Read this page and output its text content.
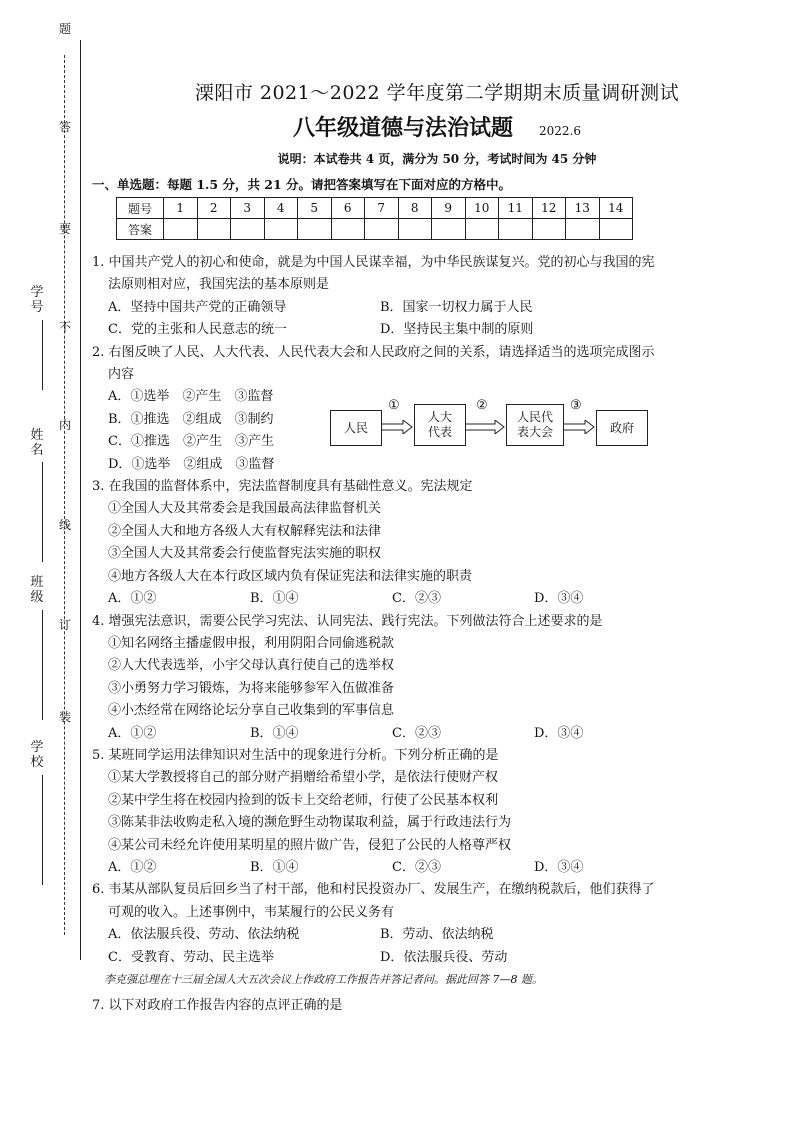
题
答
要
不
内
线
订
装
学号
姓名
班级
学校
溧阳市 2021～2022 学年度第二学期期末质量调研测试
八年级道德与法治试题 2022.6
说明：本试卷共 4 页，满分为 50 分，考试时间为 45 分钟
一、单选题：每题 1.5 分，共 21 分。请把答案填写在下面对应的方格中。
题号	1	2	3	4	5	6	7	8	9	10	11	12	13	14
答案														

1. 中国共产党人的初心和使命，就是为中国人民谋幸福，为中华民族谋复兴。党的初心与我国的宪

法原则相对应，我国宪法的基本原则是

A．坚持中国共产党的正确领导	B．国家一切权力属于人民
C．党的主张和人民意志的统一	D．坚持民主集中制的原则

2. 右图反映了人民、人大代表、人民代表大会和人民政府之间的关系，请选择适当的选项完成图示

内容

A．①选举　②产生　③监督

B．①推选　②组成　③制约

C．①推选　②产生　③产生

D．①选举　②组成　③监督

3. 在我国的监督体系中，宪法监督制度具有基础性意义。宪法规定

①全国人大及其常委会是我国最高法律监督机关

②全国人大和地方各级人大有权解释宪法和法律

③全国人大及其常委会行使监督宪法实施的职权

④地方各级人大在本行政区域内负有保证宪法和法律实施的职责

A．①②	B．①④	C．②③	D．③④

4. 增强宪法意识，需要公民学习宪法、认同宪法、践行宪法。下列做法符合上述要求的是

①知名网络主播虚假申报，利用阴阳合同偷逃税款

②人大代表选举，小宇父母认真行使自己的选举权

③小勇努力学习锻炼，为将来能够参军入伍做准备

④小杰经常在网络论坛分享自己收集到的军事信息

A．①②	B．①④	C．②③	D．③④

5. 某班同学运用法律知识对生活中的现象进行分析。下列分析正确的是

①某大学教授将自己的部分财产捐赠给希望小学，是依法行使财产权

②某中学生将在校园内捡到的饭卡上交给老师，行使了公民基本权利

③陈某非法收购走私入境的濒危野生动物谋取利益，属于行政违法行为

④某公司未经允许使用某明星的照片做广告，侵犯了公民的人格尊严权

A．①②	B．①④	C．②③	D．③④

6. 韦某从部队复员后回乡当了村干部，他和村民投资办厂、发展生产，在缴纳税款后，他们获得了

可观的收入。上述事例中，韦某履行的公民义务有

A．依法服兵役、劳动、依法纳税	B．劳动、依法纳税
C．受教育、劳动、民主选举	D．依法服兵役、劳动
李克强总理在十三届全国人大五次会议上作政府工作报告并答记者问。据此回答 7—8 题。

7. 以下对政府工作报告内容的点评正确的是

人民
人大
代表
人民代
表大会	政府
①	②	③
